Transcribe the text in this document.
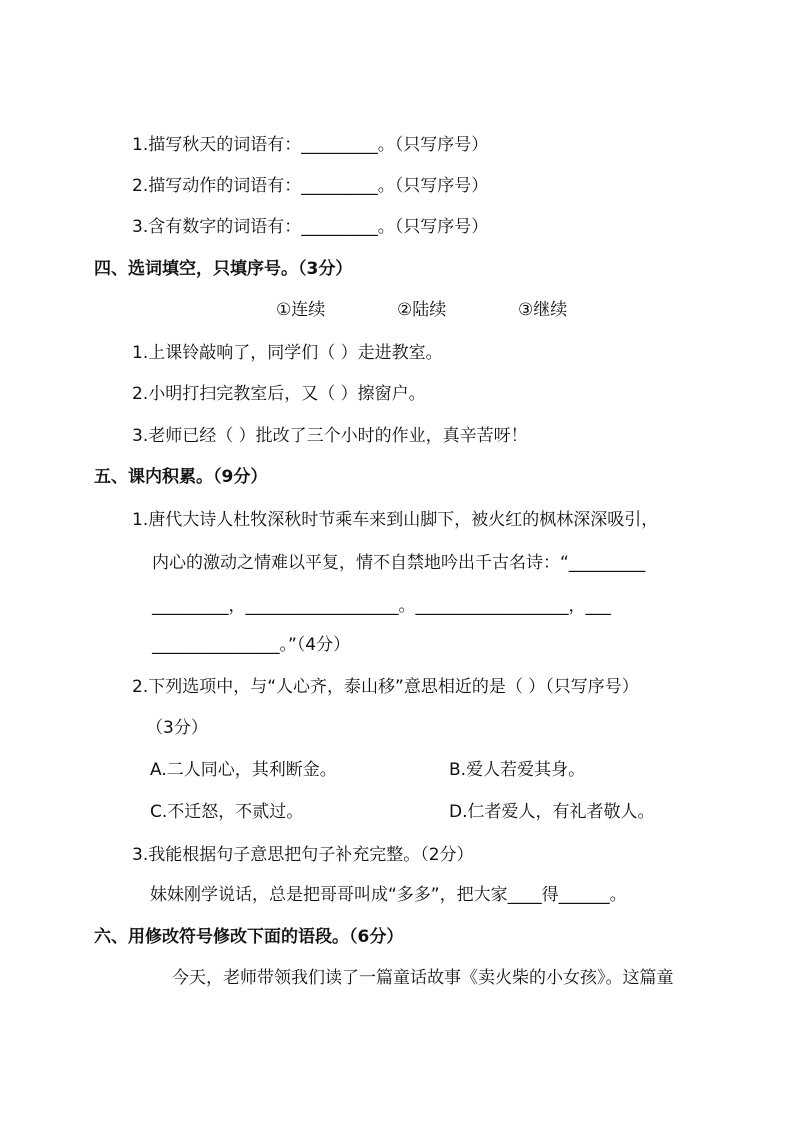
1.描写秋天的词语有：_________。（只写序号）
2.描写动作的词语有：_________。（只写序号）
3.含有数字的词语有：_________。（只写序号）
四、选词填空，只填序号。（3分）
①连续	②陆续	③继续
1.上课铃敲响了，同学们（ ）走进教室。
2.小明打扫完教室后，又（ ）擦窗户。
3.老师已经（ ）批改了三个小时的作业，真辛苦呀！
五、课内积累。（9分）
1.唐代大诗人杜牧深秋时节乘车来到山脚下，被火红的枫林深深吸引，
内心的激动之情难以平复，情不自禁地吟出千古名诗：“_________
_________，__________________。__________________，___
_______________。”（4分）
2.下列选项中，与“人心齐，泰山移”意思相近的是（ ）（只写序号）
（3分）
A.二人同心，其利断金。	B.爱人若爱其身。
C.不迁怒，不贰过。	D.仁者爱人，有礼者敬人。
3.我能根据句子意思把句子补充完整。（2分）
妹妹刚学说话，总是把哥哥叫成“多多”，把大家____得______。
六、用修改符号修改下面的语段。（6分）
今天，老师带领我们读了一篇童话故事《卖火柴的小女孩》。这篇童
